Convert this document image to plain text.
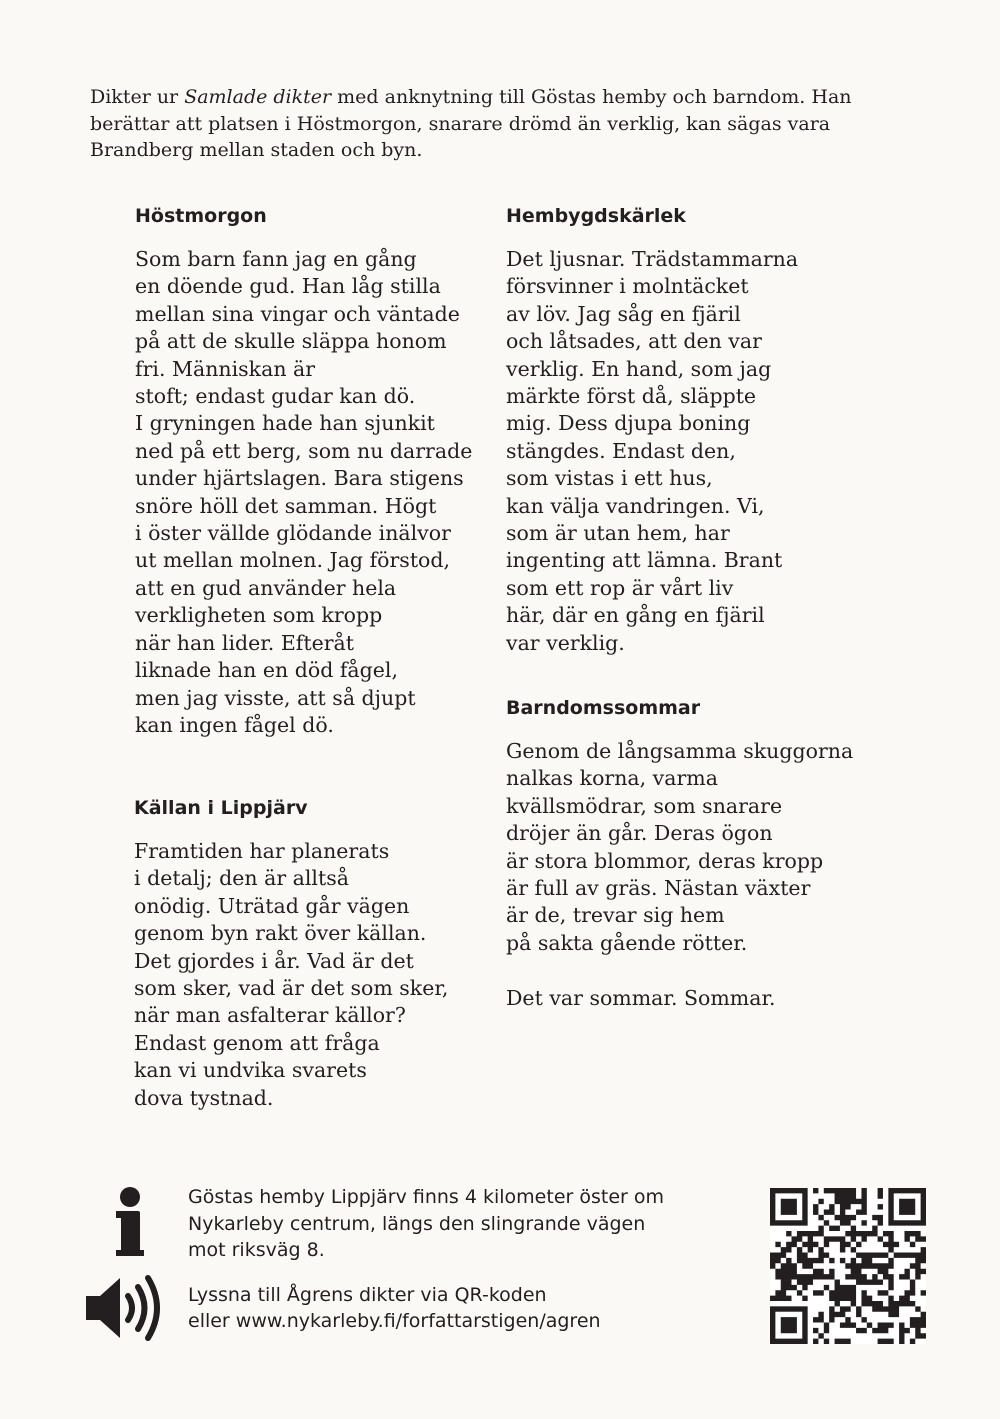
Dikter ur Samlade dikter med anknytning till Göstas hemby och barndom. Han berättar att platsen i Höstmorgon, snarare drömd än verklig, kan sägas vara Brandberg mellan staden och byn.

Höstmorgon
Som barn fann jag en gång
en döende gud. Han låg stilla
mellan sina vingar och väntade
på att de skulle släppa honom
fri. Människan är
stoft; endast gudar kan dö.
I gryningen hade han sjunkit
ned på ett berg, som nu darrade
under hjärtslagen. Bara stigens
snöre höll det samman. Högt
i öster vällde glödande inälvor
ut mellan molnen. Jag förstod,
att en gud använder hela
verkligheten som kropp
när han lider. Efteråt
liknade han en död fågel,
men jag visste, att så djupt
kan ingen fågel dö.
Hembygdskärlek
Det ljusnar. Trädstammarna
försvinner i molntäcket
av löv. Jag såg en fjäril
och låtsades, att den var
verklig. En hand, som jag
märkte först då, släppte
mig. Dess djupa boning
stängdes. Endast den,
som vistas i ett hus,
kan välja vandringen. Vi,
som är utan hem, har
ingenting att lämna. Brant
som ett rop är vårt liv
här, där en gång en fjäril
var verklig.
Källan i Lippjärv
Framtiden har planerats
i detalj; den är alltså
onödig. Uträtad går vägen
genom byn rakt över källan.
Det gjordes i år. Vad är det
som sker, vad är det som sker,
när man asfalterar källor?
Endast genom att fråga
kan vi undvika svarets
dova tystnad.
Barndomssommar
Genom de långsamma skuggorna
nalkas korna, varma
kvällsmödrar, som snarare
dröjer än går. Deras ögon
är stora blommor, deras kropp
är full av gräs. Nästan växter
är de, trevar sig hem
på sakta gående rötter.

Det var sommar. Sommar.

Göstas hemby Lippjärv finns 4 kilometer öster om
Nykarleby centrum, längs den slingrande vägen
mot riksväg 8.

Lyssna till Ågrens dikter via QR-koden
eller www.nykarleby.fi/forfattarstigen/agren
